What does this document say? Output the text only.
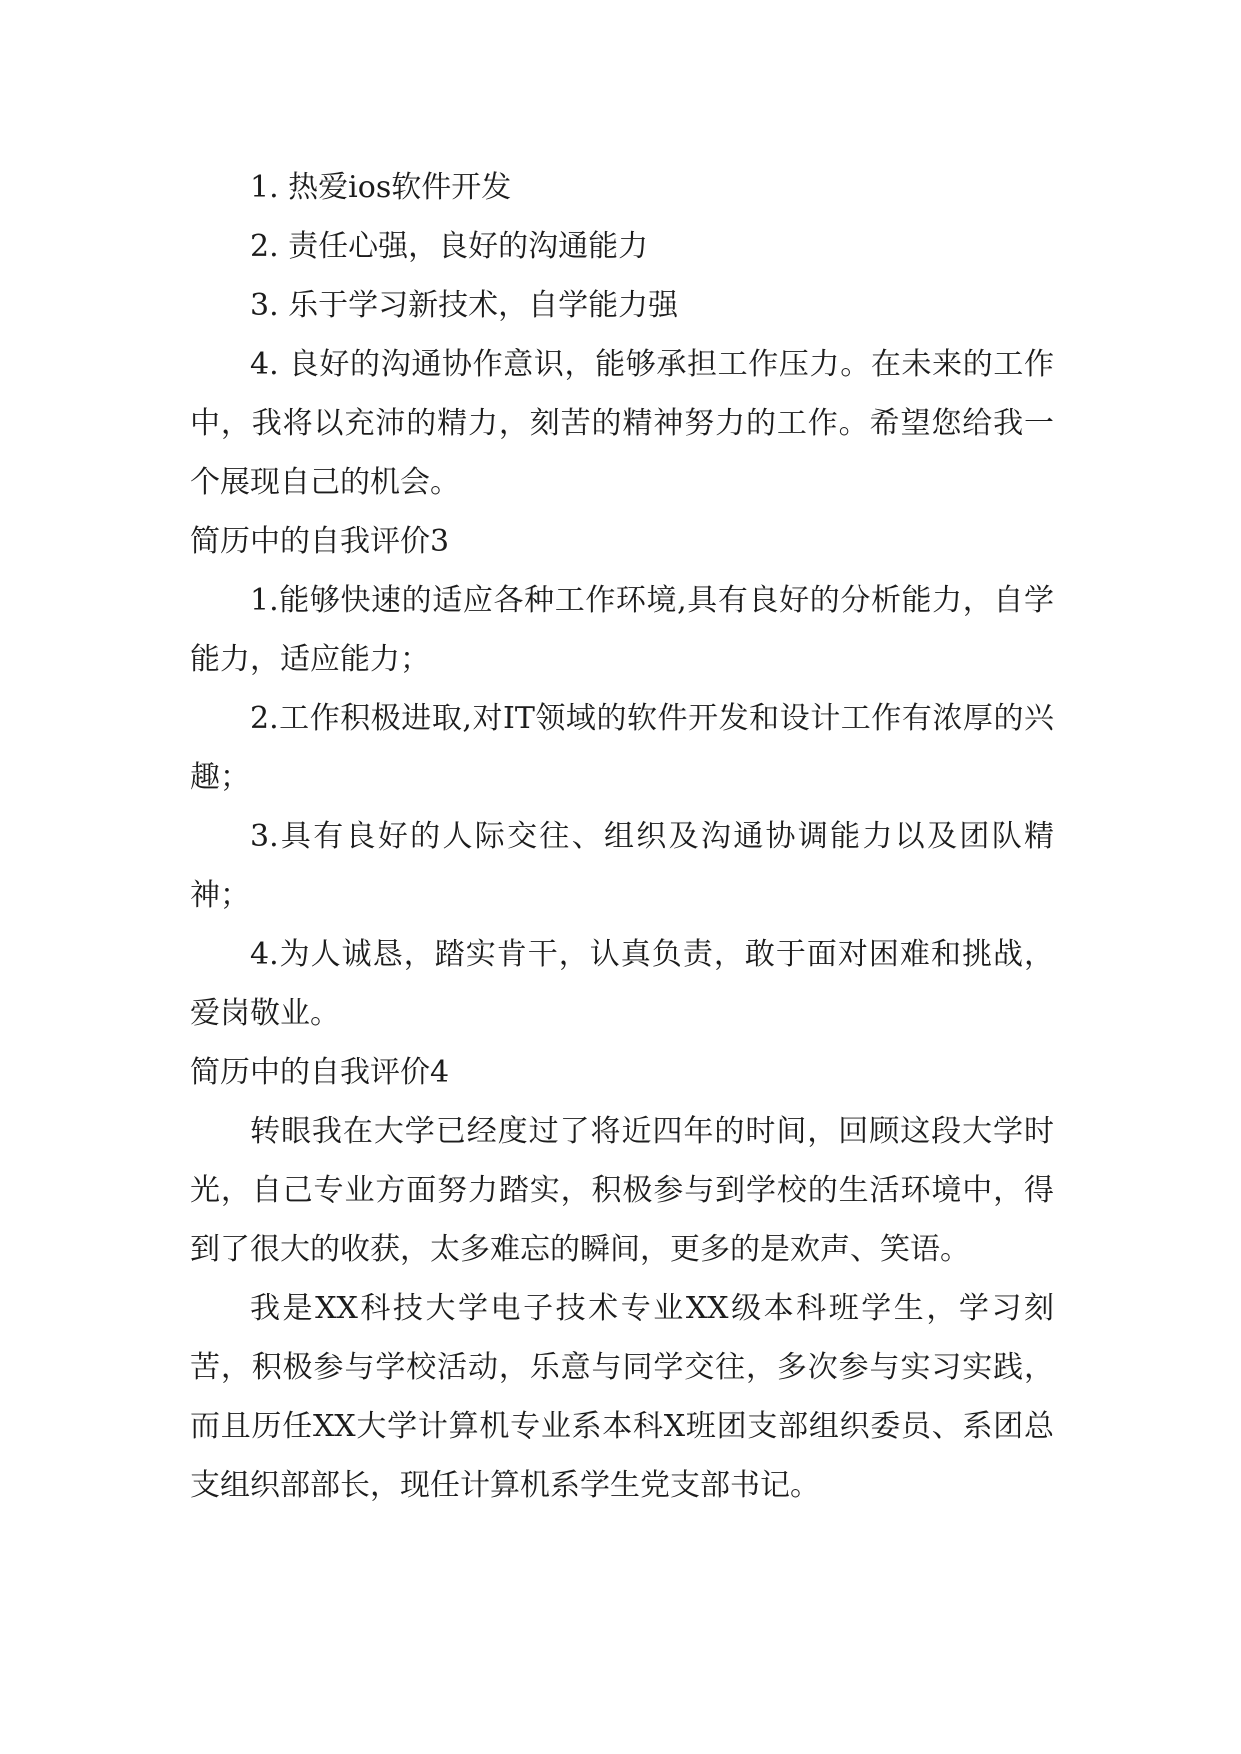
1. 热爱ios软件开发

2. 责任心强，良好的沟通能力

3. 乐于学习新技术，自学能力强

4. 良好的沟通协作意识，能够承担工作压力。在未来的工作中，我将以充沛的精力，刻苦的精神努力的工作。希望您给我一个展现自己的机会。

简历中的自我评价3

1.能够快速的适应各种工作环境,具有良好的分析能力，自学能力，适应能力；

2.工作积极进取,对IT领域的软件开发和设计工作有浓厚的兴趣；

3.具有良好的人际交往、组织及沟通协调能力以及团队精神；

4.为人诚恳，踏实肯干，认真负责，敢于面对困难和挑战，爱岗敬业。

简历中的自我评价4

转眼我在大学已经度过了将近四年的时间，回顾这段大学时光，自己专业方面努力踏实，积极参与到学校的生活环境中，得到了很大的收获，太多难忘的瞬间，更多的是欢声、笑语。

我是XX科技大学电子技术专业XX级本科班学生，学习刻苦，积极参与学校活动，乐意与同学交往，多次参与实习实践，而且历任XX大学计算机专业系本科X班团支部组织委员、系团总支组织部部长，现任计算机系学生党支部书记。
